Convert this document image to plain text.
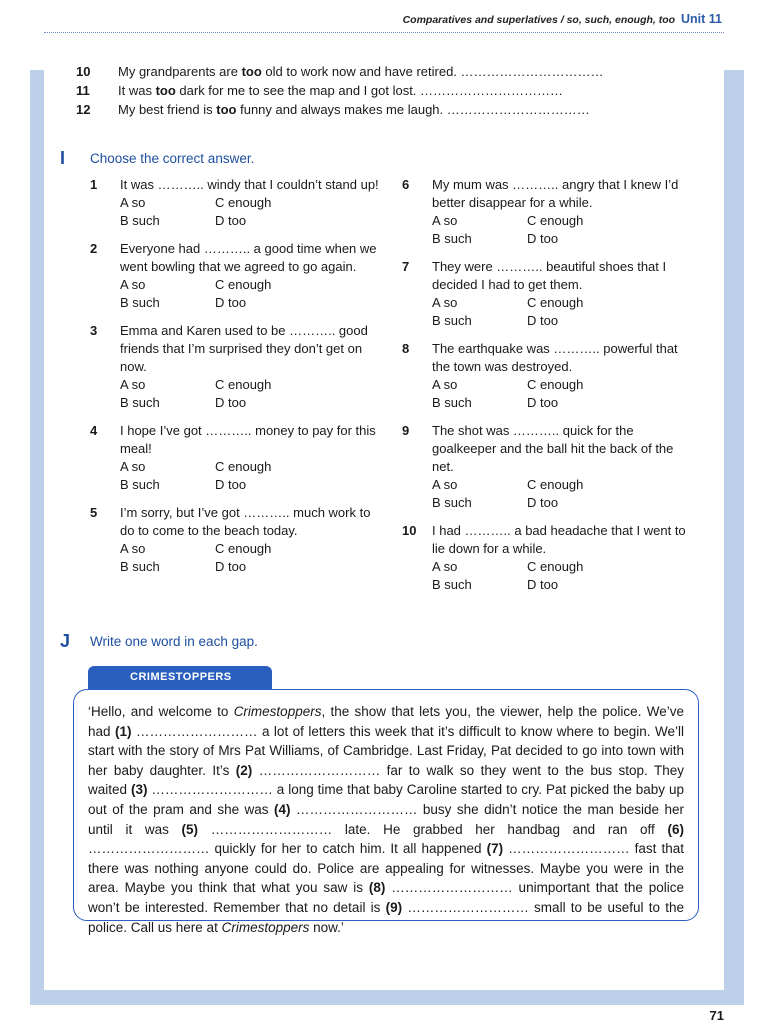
Comparatives and superlatives / so, such, enough, too Unit 11
10	My grandparents are too old to work now and have retired. ……………………………
11	It was too dark for me to see the map and I got lost. ……………………………
12	My best friend is too funny and always makes me laugh. ……………………………
I	Choose the correct answer.
1 It was ……….. windy that I couldn’t stand up!
A so	C enough
B such	D too
2 Everyone had ……….. a good time when we went bowling that we agreed to go again.
A so	C enough
B such	D too
3 Emma and Karen used to be ……….. good friends that I’m surprised they don’t get on now.
A so	C enough
B such	D too
4 I hope I’ve got ……….. money to pay for this meal!
A so	C enough
B such	D too
5 I’m sorry, but I’ve got ……….. much work to do to come to the beach today.
A so	C enough
B such	D too
6 My mum was ……….. angry that I knew I’d better disappear for a while.
A so	C enough
B such	D too
7 They were ……….. beautiful shoes that I decided I had to get them.
A so	C enough
B such	D too
8 The earthquake was ……….. powerful that the town was destroyed.
A so	C enough
B such	D too
9 The shot was ……….. quick for the goalkeeper and the ball hit the back of the net.
A so	C enough
B such	D too
10 I had ……….. a bad headache that I went to lie down for a while.
A so	C enough
B such	D too
J	Write one word in each gap.
CRIMESTOPPERS
‘Hello, and welcome to Crimestoppers, the show that lets you, the viewer, help the police. We’ve had (1) ……………………… a lot of letters this week that it’s difficult to know where to begin. We’ll start with the story of Mrs Pat Williams, of Cambridge. Last Friday, Pat decided to go into town with her baby daughter. It’s (2) ……………………… far to walk so they went to the bus stop. They waited (3) ……………………… a long time that baby Caroline started to cry. Pat picked the baby up out of the pram and she was (4) ……………………… busy she didn’t notice the man beside her until it was (5) ……………………… late. He grabbed her handbag and ran off (6) ……………………… quickly for her to catch him. It all happened (7) ……………………… fast that there was nothing anyone could do. Police are appealing for witnesses. Maybe you were in the area. Maybe you think that what you saw is (8) ……………………… unimportant that the police won’t be interested. Remember that no detail is (9) ……………………… small to be useful to the police. Call us here at Crimestoppers now.’
71
